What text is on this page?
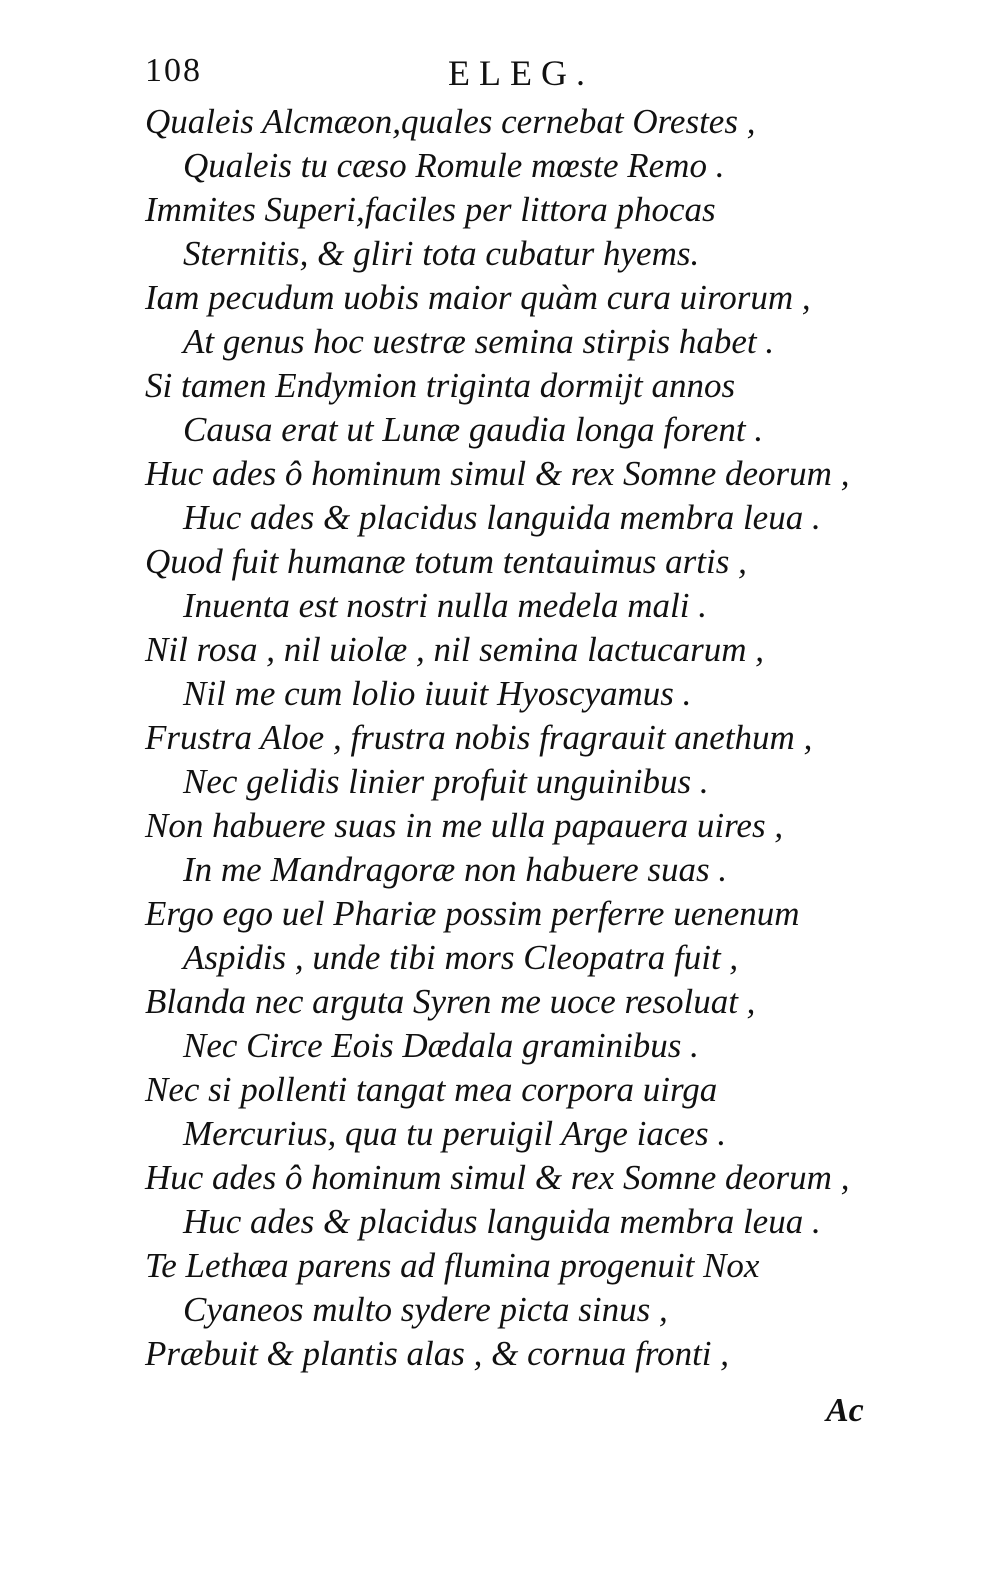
108	ELEG.
Qualeis Alcmæon,quales cernebat Orestes ,
Qualeis tu cæso Romule mœste Remo .
Immites Superi,faciles per littora phocas
Sternitis, & gliri tota cubatur hyems.
Iam pecudum uobis maior quàm cura uirorum ,
At genus hoc uestræ semina stirpis habet .
Si tamen Endymion triginta dormijt annos
Causa erat ut Lunæ gaudia longa forent .
Huc ades ô hominum simul & rex Somne deorum ,
Huc ades & placidus languida membra leua .
Quod fuit humanæ totum tentauimus artis ,
Inuenta est nostri nulla medela mali .
Nil rosa , nil uiolæ , nil semina lactucarum ,
Nil me cum lolio iuuit Hyoscyamus .
Frustra Aloe , frustra nobis fragrauit anethum ,
Nec gelidis linier profuit unguinibus .
Non habuere suas in me ulla papauera uires ,
In me Mandragoræ non habuere suas .
Ergo ego uel Phariæ possim perferre uenenum
Aspidis , unde tibi mors Cleopatra fuit ,
Blanda nec arguta Syren me uoce resoluat ,
Nec Circe Eois Dædala graminibus .
Nec si pollenti tangat mea corpora uirga
Mercurius, qua tu peruigil Arge iaces .
Huc ades ô hominum simul & rex Somne deorum ,
Huc ades & placidus languida membra leua .
Te Lethæa parens ad flumina progenuit Nox
Cyaneos multo sydere picta sinus ,
Præbuit & plantis alas , & cornua fronti ,
Ac
